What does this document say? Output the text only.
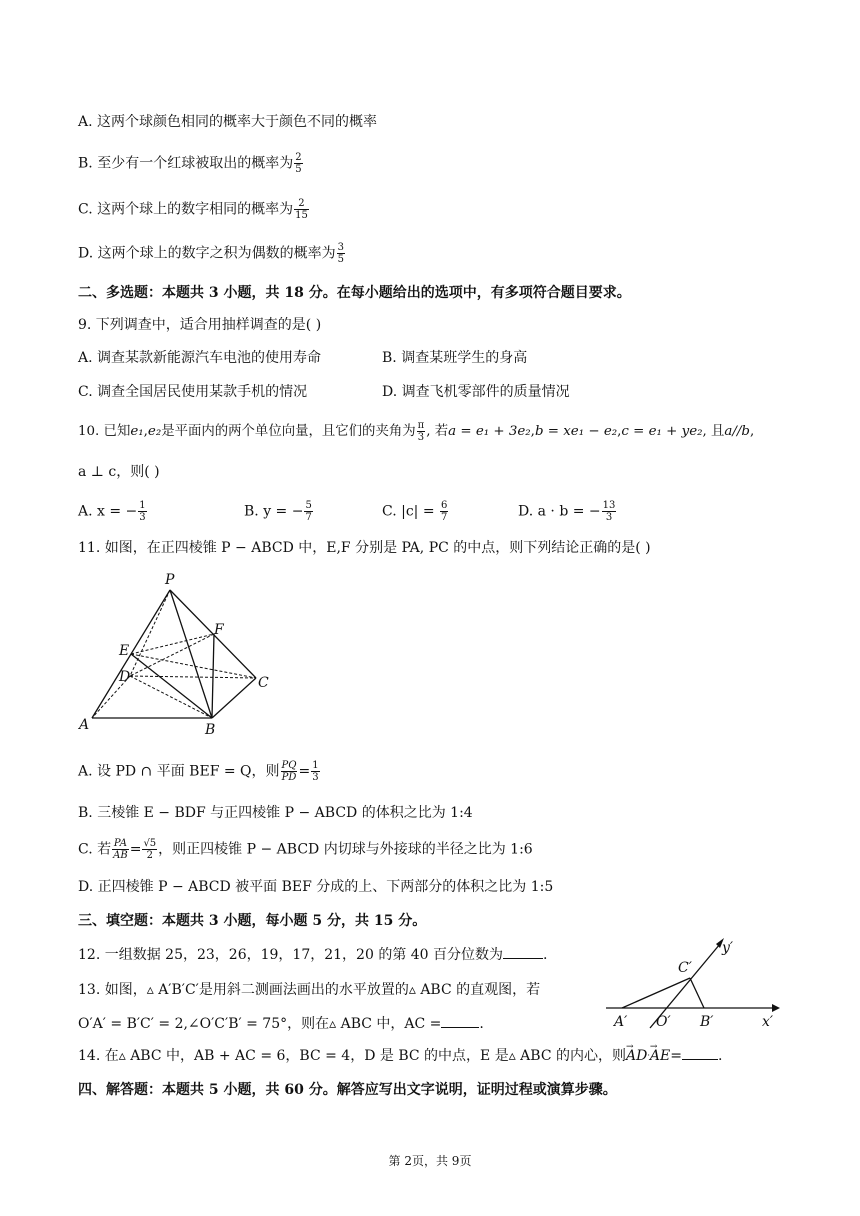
A. 这两个球颜色相同的概率大于颜色不同的概率
B. 至少有一个红球被取出的概率为 $\frac{2}{5}$
C. 这两个球上的数字相同的概率为 $\frac{2}{15}$
D. 这两个球上的数字之积为偶数的概率为 $\frac{3}{5}$
二、多选题：本题共 3 小题，共 18 分。在每小题给出的选项中，有多项符合题目要求。
9. 下列调查中，适合用抽样调查的是( )
A. 调查某款新能源汽车电池的使用寿命	B. 调查某班学生的身高
C. 调查全国居民使用某款手机的情况	D. 调查飞机零部件的质量情况
10. 已知e₁,e₂是平面内的两个单位向量，且它们的夹角为 $\frac{\pi}{3}$ , 若a = e₁ + 3e₂,b = xe₁ − e₂,c = e₁ + ye₂, 且a//b,
a ⊥ c，则( )
A. x = − $\frac{1}{3}$	B. y = − $\frac{5}{7}$	C. $|c| = \frac{6}{7}$	D. a · b = − $\frac{13}{3}$
11. 如图，在正四棱锥 P − ABCD 中，E,F 分别是 PA, PC 的中点，则下列结论正确的是( )
P
E
F
D	C
A	B
A. 设 PD ∩ 平面 BEF = Q，则 $\frac{PQ}{PD} = \frac{1}{3}$
B. 三棱锥 E − BDF 与正四棱锥 P − ABCD 的体积之比为 1:4
C. 若 $\frac{PA}{AB} = \frac{√5}{2}$ ，则正四棱锥 P − ABCD 内切球与外接球的半径之比为 1:6
D. 正四棱锥 P − ABCD 被平面 BEF 分成的上、下两部分的体积之比为 1:5
三、填空题：本题共 3 小题，每小题 5 分，共 15 分。
12. 一组数据 25，23，26，19，17，21，20 的第 40 百分位数为	.
13. 如图，▵ A′B′C′是用斜二测画法画出的水平放置的▵ ABC 的直观图，若
O′A′ = B′C′ = 2,∠O′C′B′ = 75°，则在▵ ABC 中，AC =	.
C′
y′
A′ O′ B′	x′
14. 在▵ ABC 中，AB + AC = 6，BC = 4，D 是 BC 的中点，E 是▵ ABC 的内心，则→ AD·→ AE=	.
四、解答题：本题共 5 小题，共 60 分。解答应写出文字说明，证明过程或演算步骤。
第 2页，共 9页
